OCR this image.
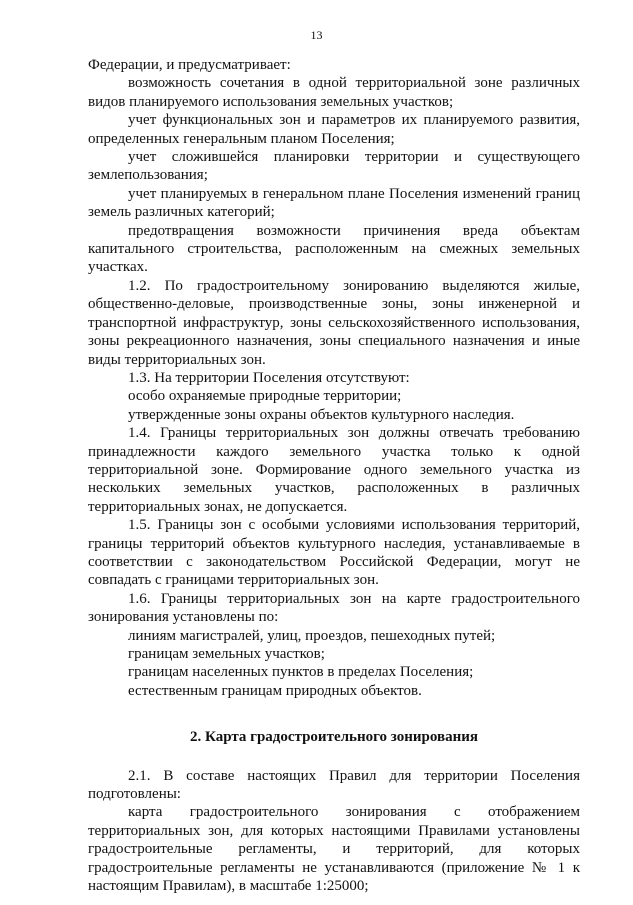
13

Федерации, и предусматривает:

возможность сочетания в одной территориальной зоне различных видов планируемого использования земельных участков;

учет функциональных зон и параметров их планируемого развития, определенных генеральным планом Поселения;

учет сложившейся планировки территории и существующего землепользования;

учет планируемых в генеральном плане Поселения изменений границ земель различных категорий;

предотвращения возможности причинения вреда объектам капитального строительства, расположенным на смежных земельных участках.

1.2. По градостроительному зонированию выделяются жилые, общественно-деловые, производственные зоны, зоны инженерной и транспортной инфраструктур, зоны сельскохозяйственного использования, зоны рекреационного назначения, зоны специального назначения и иные виды территориальных зон.

1.3. На территории Поселения отсутствуют:

особо охраняемые природные территории;

утвержденные зоны охраны объектов культурного наследия.

1.4. Границы территориальных зон должны отвечать требованию принадлежности каждого земельного участка только к одной территориальной зоне. Формирование одного земельного участка из нескольких земельных участков, расположенных в различных территориальных зонах, не допускается.

1.5. Границы зон с особыми условиями использования территорий, границы территорий объектов культурного наследия, устанавливаемые в соответствии с законодательством Российской Федерации, могут не совпадать с границами территориальных зон.

1.6. Границы территориальных зон на карте градостроительного зонирования установлены по:

линиям магистралей, улиц, проездов, пешеходных путей;

границам земельных участков;

границам населенных пунктов в пределах Поселения;

естественным границам природных объектов.

2. Карта градостроительного зонирования

2.1. В составе настоящих Правил для территории Поселения подготовлены:

карта градостроительного зонирования с отображением территориальных зон, для которых настоящими Правилами установлены градостроительные регламенты, и территорий, для которых градостроительные регламенты не устанавливаются (приложение № 1 к настоящим Правилам), в масштабе 1:25000;
